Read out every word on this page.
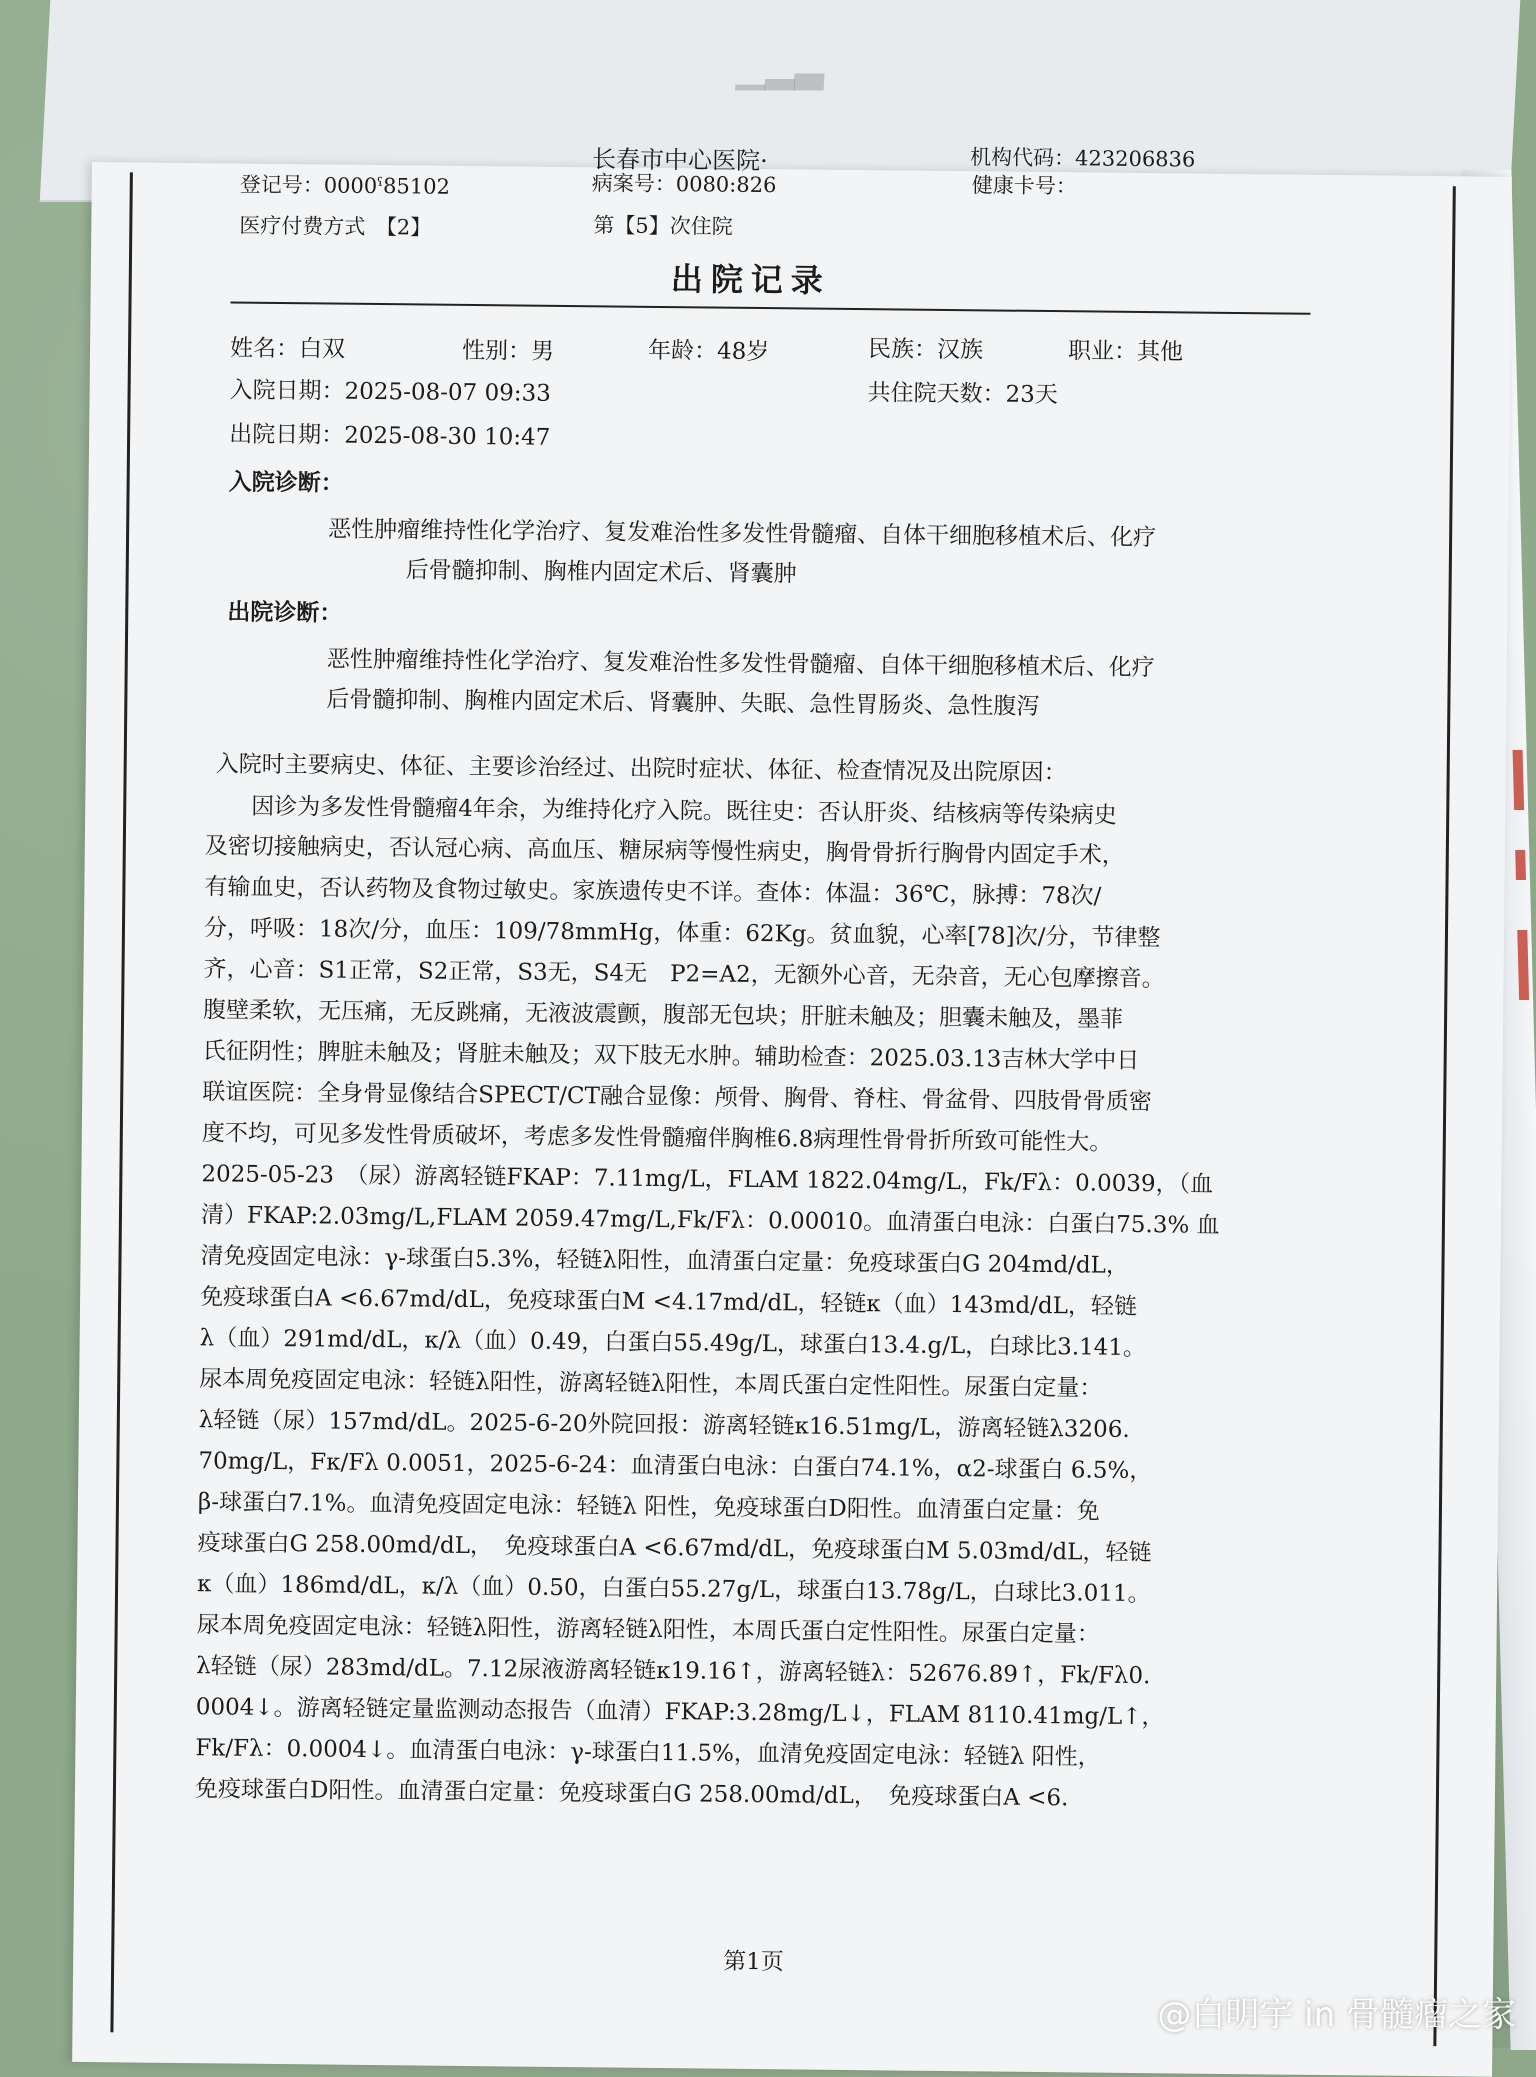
▁▂▃
长春市中心医院·	机构代码：423206836
登记号：0000ˁ85102	病案号：0080:826	健康卡号：
医疗付费方式　【2】	第【5】次住院
出院记录
姓名：白双	性别：男	年龄：48岁	民族：汉族	职业：其他
入院日期：2025-08-07 09:33	共住院天数：23天
出院日期：2025-08-30 10:47
入院诊断：
恶性肿瘤维持性化学治疗、复发难治性多发性骨髓瘤、自体干细胞移植术后、化疗
后骨髓抑制、胸椎内固定术后、肾囊肿
出院诊断：
恶性肿瘤维持性化学治疗、复发难治性多发性骨髓瘤、自体干细胞移植术后、化疗
后骨髓抑制、胸椎内固定术后、肾囊肿、失眠、急性胃肠炎、急性腹泻
入院时主要病史、体征、主要诊治经过、出院时症状、体征、检查情况及出院原因：
　　因诊为多发性骨髓瘤4年余，为维持化疗入院。既往史：否认肝炎、结核病等传染病史
及密切接触病史，否认冠心病、高血压、糖尿病等慢性病史，胸骨骨折行胸骨内固定手术，
有输血史，否认药物及食物过敏史。家族遗传史不详。查体：体温：36℃，脉搏：78次/
分，呼吸：18次/分，血压：109/78mmHg，体重：62Kg。贫血貌，心率[78]次/分，节律整
齐，心音：S1正常，S2正常，S3无，S4无　P2=A2，无额外心音，无杂音，无心包摩擦音。
腹壁柔软，无压痛，无反跳痛，无液波震颤，腹部无包块；肝脏未触及；胆囊未触及，墨菲
氏征阴性；脾脏未触及；肾脏未触及；双下肢无水肿。辅助检查：2025.03.13吉林大学中日
联谊医院：全身骨显像结合SPECT/CT融合显像：颅骨、胸骨、脊柱、骨盆骨、四肢骨骨质密
度不均，可见多发性骨质破坏，考虑多发性骨髓瘤伴胸椎6.8病理性骨骨折所致可能性大。
2025-05-23　（尿）游离轻链FKAP：7.11mg/L，FLAM 1822.04mg/L，Fk/Fλ：0.0039，（血
清）FKAP:2.03mg/L,FLAM 2059.47mg/L,Fk/Fλ：0.00010。血清蛋白电泳：白蛋白75.3% 血
清免疫固定电泳：γ-球蛋白5.3%，轻链λ阳性，血清蛋白定量：免疫球蛋白G 204md/dL，
免疫球蛋白A <6.67md/dL，免疫球蛋白M <4.17md/dL，轻链κ（血）143md/dL，轻链
λ（血）291md/dL，κ/λ（血）0.49，白蛋白55.49g/L，球蛋白13.4.g/L，白球比3.141。
尿本周免疫固定电泳：轻链λ阳性，游离轻链λ阳性，本周氏蛋白定性阳性。尿蛋白定量：
λ轻链（尿）157md/dL。2025-6-20外院回报：游离轻链κ16.51mg/L，游离轻链λ3206.
70mg/L，Fκ/Fλ 0.0051，2025-6-24：血清蛋白电泳：白蛋白74.1%，α2-球蛋白 6.5%，
β-球蛋白7.1%。血清免疫固定电泳：轻链λ 阳性，免疫球蛋白D阳性。血清蛋白定量：免
疫球蛋白G 258.00md/dL，　免疫球蛋白A <6.67md/dL，免疫球蛋白M 5.03md/dL，轻链
κ（血）186md/dL，κ/λ（血）0.50，白蛋白55.27g/L，球蛋白13.78g/L，白球比3.011。
尿本周免疫固定电泳：轻链λ阳性，游离轻链λ阳性，本周氏蛋白定性阳性。尿蛋白定量：
λ轻链（尿）283md/dL。7.12尿液游离轻链κ19.16↑，游离轻链λ：52676.89↑，Fk/Fλ0.
0004↓。游离轻链定量监测动态报告（血清）FKAP:3.28mg/L↓，FLAM 8110.41mg/L↑，
Fk/Fλ：0.0004↓。血清蛋白电泳：γ-球蛋白11.5%，血清免疫固定电泳：轻链λ 阳性，
免疫球蛋白D阳性。血清蛋白定量：免疫球蛋白G 258.00md/dL，　免疫球蛋白A <6.
第1页
@白明宇 in 骨髓瘤之家
